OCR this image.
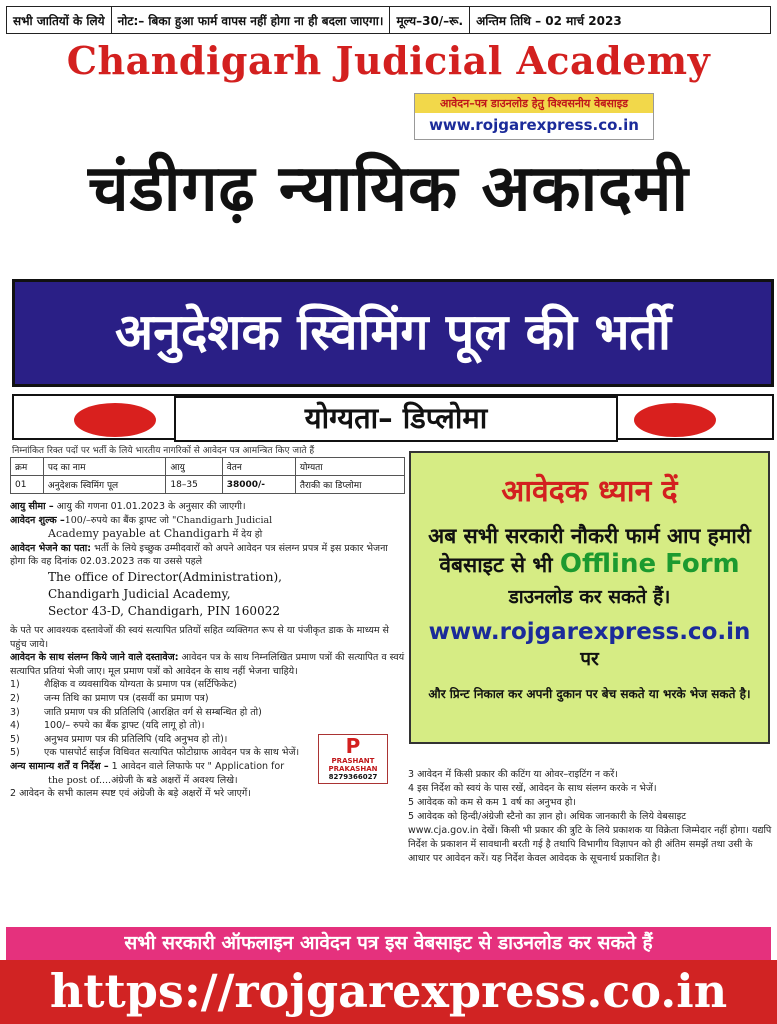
सभी जातियों के लिये	नोट:– बिका हुआ फार्म वापस नहीं होगा ना ही बदला जाएगा।	मूल्य–30/–रू.	अन्तिम तिथि – 02 मार्च 2023
Chandigarh Judicial Academy
आवेदन–पत्र डाउनलोड हेतु विश्वसनीय वेबसाइड
www.rojgarexpress.co.in
चंडीगढ़ न्यायिक अकादमी
अनुदेशक स्विमिंग पूल की भर्ती
योग्यता– डिप्लोमा
निम्नांकित रिक्त पदों पर भर्ती के लिये भारतीय नागरिकों से आवेदन पत्र आमन्त्रित किए जाते हैं
क्रम	पद का नाम	आयु	वेतन	योग्यता
01	अनुदेशक स्विमिंग पूल	18–35	38000/-	तैराकी का डिप्लोमा
आयु सीमा – आयु की गणना 01.01.2023 के अनुसार की जाएगी।
आवेदन शुल्क –100/–रुपये का बैंक ड्राफ्ट जो "Chandigarh Judicial
Academy payable at Chandigarh में देय हो
आवेदन भेजने का पता: भर्ती के लिये इच्छुक उम्मीदवारों को अपने आवेदन पत्र संलग्न प्रपत्र में इस प्रकार भेजना होगा कि वह दिनांक 02.03.2023 तक या उससे पहले
The office of Director(Administration),
Chandigarh Judicial Academy,
Sector 43-D, Chandigarh, PIN 160022
के पते पर आवश्यक दस्तावेजों की स्वयं सत्यापित प्रतियों सहित व्यक्तिगत रूप से या पंजीकृत डाक के माध्यम से पहुंच जाये।
आवेदन के साथ संलग्न किये जाने वाले दस्तावेज: आवेदन पत्र के साथ निम्नलिखित प्रमाण पत्रों की सत्यापित व स्वयं सत्यापित प्रतियां भेजी जाए। मूल प्रमाण पत्रों को आवेदन के साथ नहीं भेजना चाहिये।
1)	शैक्षिक व व्यवसायिक योग्यता के प्रमाण पत्र (सर्टिफिकेट)
2)	जन्म तिथि का प्रमाण पत्र (दसवीं का प्रमाण पत्र)
3)	जाति प्रमाण पत्र की प्रतिलिपि (आरक्षित वर्ग से सम्बन्धित हो तो)
4)	100/– रुपये का बैंक ड्राफ्ट (यदि लागू हो तो)।
5)	अनुभव प्रमाण पत्र की प्रतिलिपि (यदि अनुभव हो तो)।
5)	एक पासपोर्ट साईज विधिवत सत्यापित फोटोग्राफ आवेदन पत्र के साथ भेजें।
अन्य सामान्य शर्तें व निर्देश – 1 आवेदन वाले लिफाफे पर " Application for
the post of....अंग्रेजी के बडे अक्षरों में अवश्य लिखे।
2 आवेदन के सभी कालम स्पष्ट एवं अंग्रेजी के बड़े अक्षरों में भरे जाएगें।
आवेदक ध्यान दें
अब सभी सरकारी नौकरी फार्म आप हमारी
वेबसाइट से भी Offline Form
डाउनलोड कर सकते हैं।
www.rojgarexpress.co.in पर
और प्रिन्ट निकाल कर अपनी दुकान पर बेच सकते या भरके भेज सकते है।
P
PRASHANT PRAKASHAN
8279366027	3 आवेदन में किसी प्रकार की कटिंग या ओवर–राइटिंग न करें।
4 इस निर्देश को स्वयं के पास रखें, आवेदन के साथ संलग्न करके न भेजें।
5 आवेदक को कम से कम 1 वर्ष का अनुभव हो।
5 आवेदक को हिन्दी/अंग्रेजी स्टैनो का ज्ञान हो। अधिक जानकारी के लिये वेबसाइट
www.cja.gov.in देखें। किसी भी प्रकार की त्रुटि के लिये प्रकाशक या विक्रेता जिम्मेदार नहीं होगा। यद्यपि निर्देश के प्रकाशन में सावधानी बरती गई है तथापि विभागीय विज्ञापन को ही अंतिम समझें तथा उसी के आधार पर आवेदन करें। यह निर्देश केवल आवेदक के सूचनार्थ प्रकाशित है।
सभी सरकारी ऑफलाइन आवेदन पत्र इस वेबसाइट से डाउनलोड कर सकते हैं
https://rojgarexpress.co.in
